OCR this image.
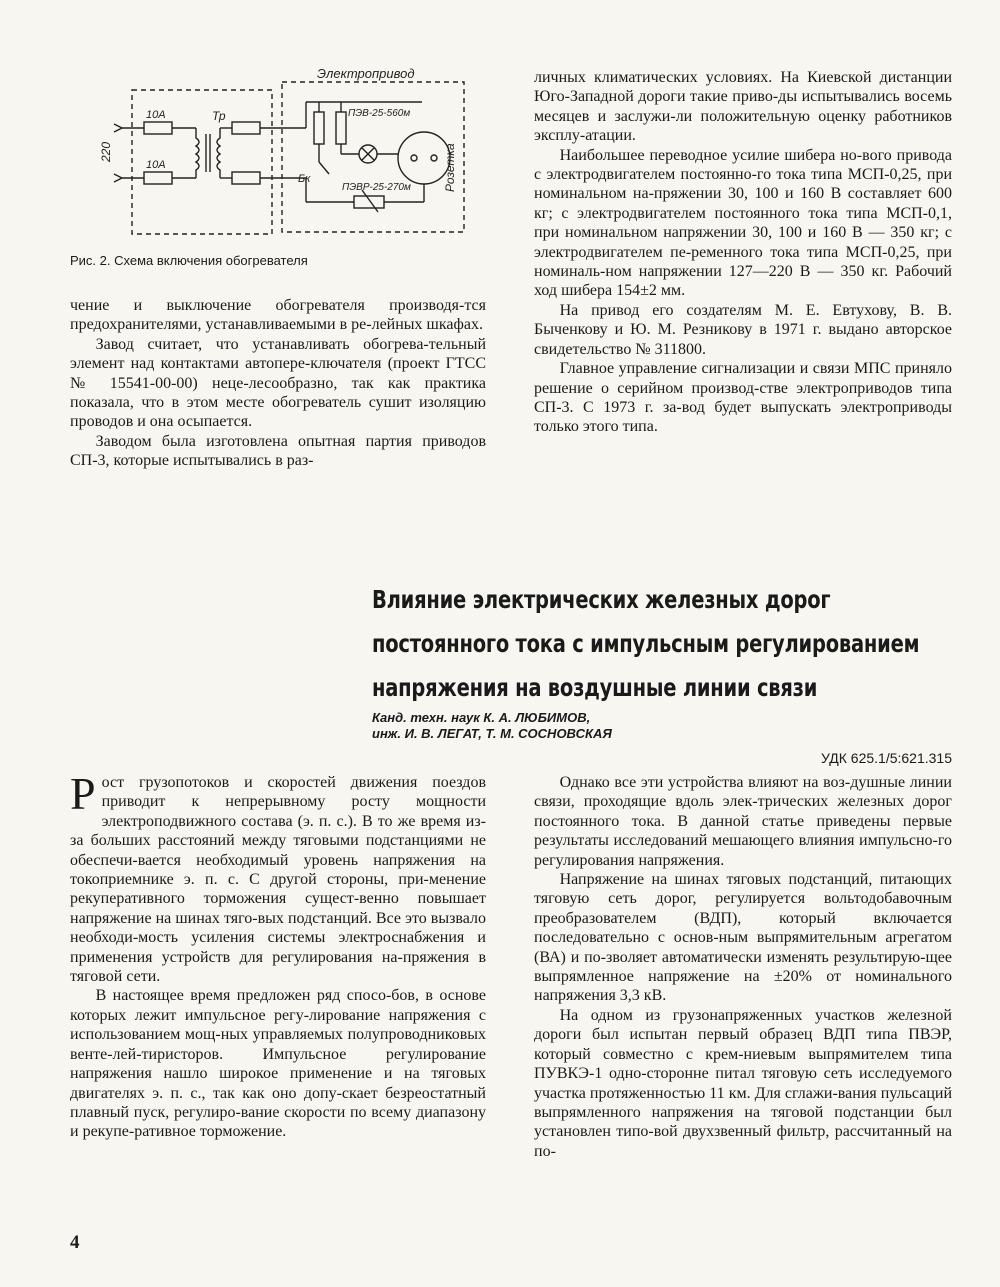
Электропривод
220
10А
10А
Тр	ПЭВ-25-560м
Розетка
Бк
ПЭВР-25-270м
Рис. 2. Схема включения обогревателя

чение и выключение обогревателя производя-тся предохранителями, устанавливаемыми в ре-лейных шкафах.

Завод считает, что устанавливать обогрева-тельный элемент над контактами автопере-ключателя (проект ГТСС № 15541-00-00) неце-лесообразно, так как практика показала, что в этом месте обогреватель сушит изоляцию проводов и она осыпается.

Заводом была изготовлена опытная партия приводов СП-3, которые испытывались в раз-

личных климатических условиях. На Киевской дистанции Юго-Западной дороги такие приво-ды испытывались восемь месяцев и заслужи-ли положительную оценку работников эксплу-атации.

Наибольшее переводное усилие шибера но-вого привода с электродвигателем постоянно-го тока типа МСП-0,25, при номинальном на-пряжении 30, 100 и 160 В составляет 600 кг; с электродвигателем постоянного тока типа МСП-0,1, при номинальном напряжении 30, 100 и 160 В — 350 кг; с электродвигателем пе-ременного тока типа МСП-0,25, при номиналь-ном напряжении 127—220 В — 350 кг. Рабочий ход шибера 154±2 мм.

На привод его создателям М. Е. Евтухову, В. В. Быченкову и Ю. М. Резникову в 1971 г. выдано авторское свидетельство № 311800.

Главное управление сигнализации и связи МПС приняло решение о серийном производ-стве электроприводов типа СП-3. С 1973 г. за-вод будет выпускать электроприводы только этого типа.

Влияние электрических железных дорог
постоянного тока с импульсным регулированием
напряжения на воздушные линии связи
Канд. техн. наук К. А. ЛЮБИМОВ,
инж. И. В. ЛЕГАТ, Т. М. СОСНОВСКАЯ
УДК 625.1/5:621.315

Рост грузопотоков и скоростей движения поездов приводит к непрерывному росту мощности электроподвижного состава (э. п. с.). В то же время из-за больших расстояний между тяговыми подстанциями не обеспечи-вается необходимый уровень напряжения на токоприемнике э. п. с. С другой стороны, при-менение рекуперативного торможения сущест-венно повышает напряжение на шинах тяго-вых подстанций. Все это вызвало необходи-мость усиления системы электроснабжения и применения устройств для регулирования на-пряжения в тяговой сети.

В настоящее время предложен ряд спосо-бов, в основе которых лежит импульсное регу-лирование напряжения с использованием мощ-ных управляемых полупроводниковых венте-лей-тиристоров. Импульсное регулирование напряжения нашло широкое применение и на тяговых двигателях э. п. с., так как оно допу-скает безреостатный плавный пуск, регулиро-вание скорости по всему диапазону и рекупе-ративное торможение.

Однако все эти устройства влияют на воз-душные линии связи, проходящие вдоль элек-трических железных дорог постоянного тока. В данной статье приведены первые результаты исследований мешающего влияния импульсно-го регулирования напряжения.

Напряжение на шинах тяговых подстанций, питающих тяговую сеть дорог, регулируется вольтодобавочным преобразователем (ВДП), который включается последовательно с основ-ным выпрямительным агрегатом (ВА) и по-зволяет автоматически изменять результирую-щее выпрямленное напряжение на ±20% от номинального напряжения 3,3 кВ.

На одном из грузонапряженных участков железной дороги был испытан первый образец ВДП типа ПВЭР, который совместно с крем-ниевым выпрямителем типа ПУВКЭ-1 одно-сторонне питал тяговую сеть исследуемого участка протяженностью 11 км. Для сглажи-вания пульсаций выпрямленного напряжения на тяговой подстанции был установлен типо-вой двухзвенный фильтр, рассчитанный на по-

4
